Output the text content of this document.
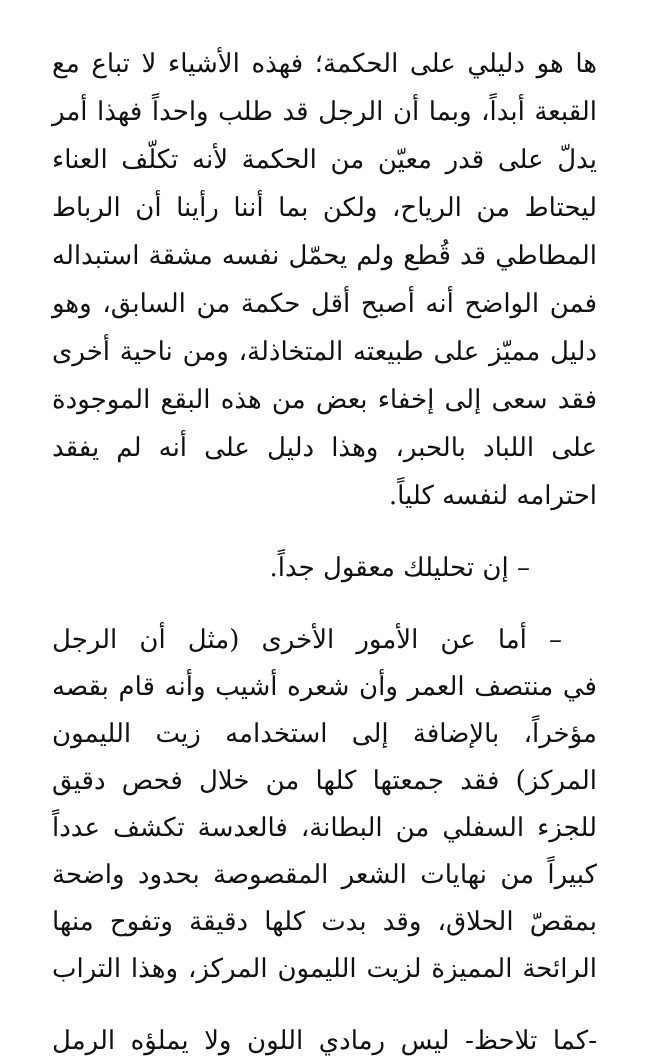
ها هو دليلي على الحكمة؛ فهذه الأشياء لا تباع مع
القبعة أبداً، وبما أن الرجل قد طلب واحداً فهذا أمر
يدلّ على قدر معيّن من الحكمة لأنه تكلّف العناء
ليحتاط من الرياح، ولكن بما أننا رأينا أن الرباط
المطاطي قد قُطع ولم يحمّل نفسه مشقة استبداله
فمن الواضح أنه أصبح أقل حكمة من السابق، وهو
دليل مميّز على طبيعته المتخاذلة، ومن ناحية أخرى
فقد سعى إلى إخفاء بعض من هذه البقع الموجودة
على اللباد بالحبر، وهذا دليل على أنه لم يفقد
احترامه لنفسه كلياً.
– إن تحليلك معقول جداً.
– أما عن الأمور الأخرى (مثل أن الرجل
في منتصف العمر وأن شعره أشيب وأنه قام بقصه
مؤخراً، بالإضافة إلى استخدامه زيت الليمون
المركز) فقد جمعتها كلها من خلال فحص دقيق
للجزء السفلي من البطانة، فالعدسة تكشف عدداً
كبيراً من نهايات الشعر المقصوصة بحدود واضحة
بمقصّ الحلاق، وقد بدت كلها دقيقة وتفوح منها
الرائحة المميزة لزيت الليمون المركز، وهذا التراب
-كما تلاحظ- ليس رمادي اللون ولا يملؤه الرمل
